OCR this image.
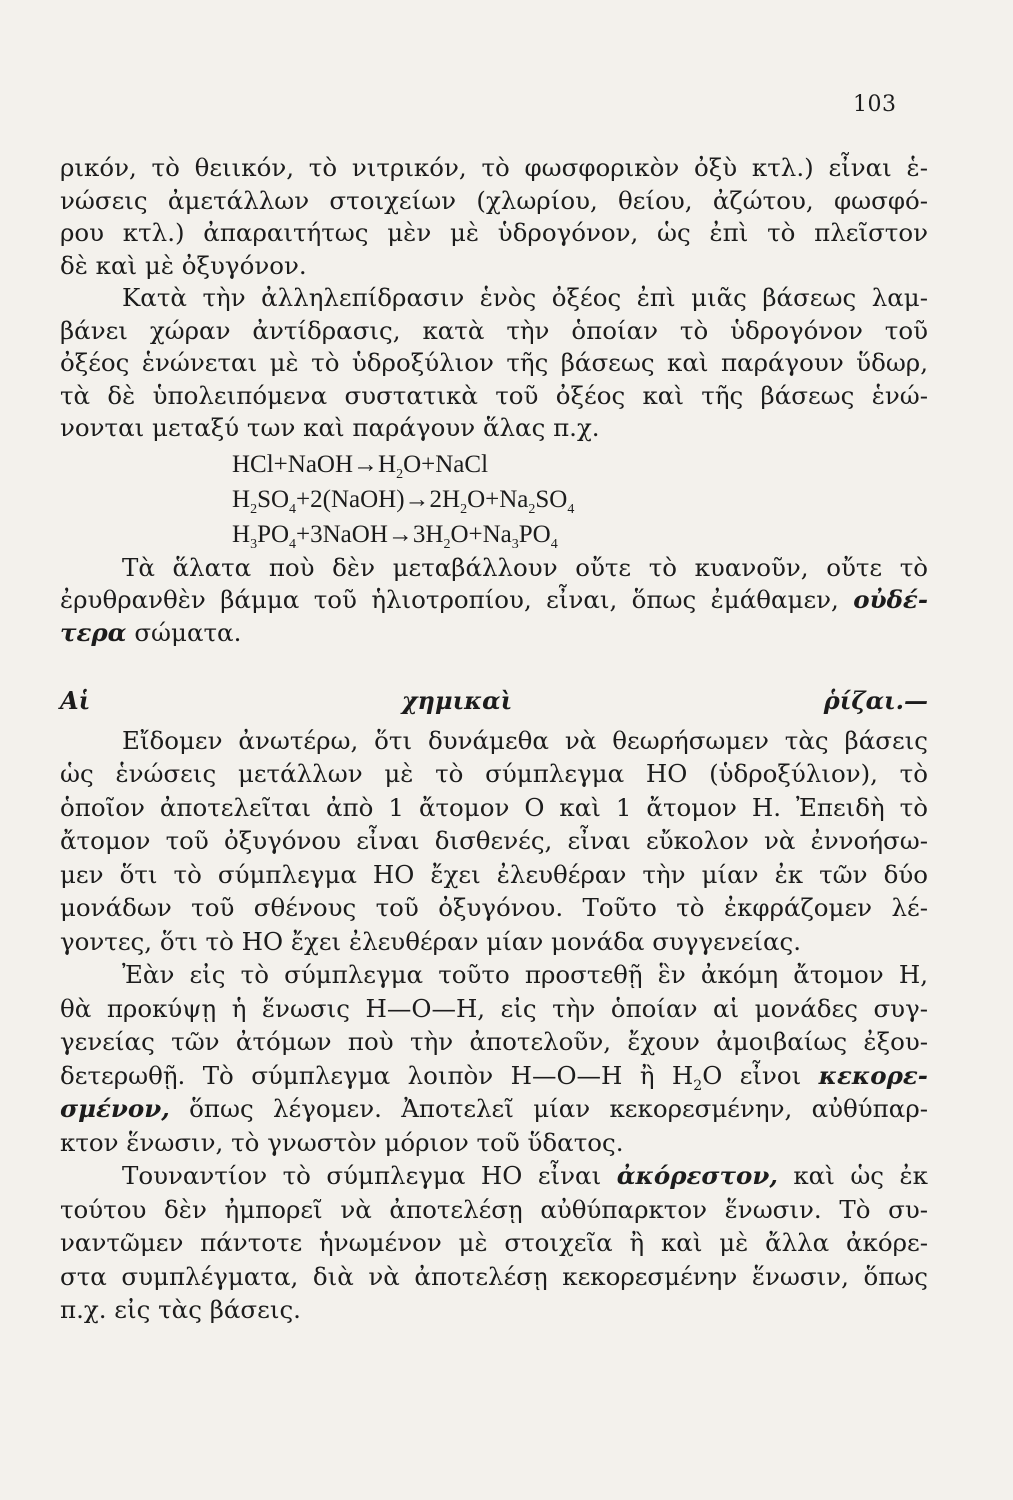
103
ρικόν, τὸ θειικόν, τὸ νιτρικόν, τὸ φωσφορικὸν ὀξὺ κτλ.) εἶναι ἑ-
νώσεις ἀμετάλλων στοιχείων (χλωρίου, θείου, ἀζώτου, φωσφό-
ρου κτλ.) ἀπαραιτήτως μὲν μὲ ὑδρογόνον, ὡς ἐπὶ τὸ πλεῖστον
δὲ καὶ μὲ ὀξυγόνον.
Κατὰ τὴν ἀλληλεπίδρασιν ἑνὸς ὀξέος ἐπὶ μιᾶς βάσεως λαμ-
βάνει χώραν ἀντίδρασις, κατὰ τὴν ὁποίαν τὸ ὑδρογόνον τοῦ
ὀξέος ἑνώνεται μὲ τὸ ὑδροξύλιον τῆς βάσεως καὶ παράγουν ὕδωρ,
τὰ δὲ ὑπολειπόμενα συστατικὰ τοῦ ὀξέος καὶ τῆς βάσεως ἑνώ-
νονται μεταξύ των καὶ παράγουν ἅλας π.χ.
$HCl+NaOH\to H_2O+NaCl$
$H_2SO_4+2(NaOH)\to 2H_2O+Na_2SO_4$
$H_3PO_4+3NaOH\to 3H_2O+Na_3PO_4$
Τὰ ἅλατα ποὺ δὲν μεταβάλλουν οὔτε τὸ κυανοῦν, οὔτε τὸ
ἐρυθρανθὲν βάμμα τοῦ ἡλιοτροπίου, εἶναι, ὅπως ἐμάθαμεν, οὐδέ-
τερα σώματα.
Αἱ χημικαὶ ῥίζαι.—
Εἴδομεν ἀνωτέρω, ὅτι δυνάμεθα νὰ θεωρήσωμεν τὰς βάσεις
ὡς ἑνώσεις μετάλλων μὲ τὸ σύμπλεγμα HO (ὑδροξύλιον), τὸ
ὁποῖον ἀποτελεῖται ἀπὸ 1 ἄτομον O καὶ 1 ἄτομον H. Ἐπειδὴ τὸ
ἄτομον τοῦ ὀξυγόνου εἶναι δισθενές, εἶναι εὔκολον νὰ ἐννοήσω-
μεν ὅτι τὸ σύμπλεγμα HO ἔχει ἐλευθέραν τὴν μίαν ἐκ τῶν δύο
μονάδων τοῦ σθένους τοῦ ὀξυγόνου. Τοῦτο τὸ ἐκφράζομεν λέ-
γοντες, ὅτι τὸ HO ἔχει ἐλευθέραν μίαν μονάδα συγγενείας.
Ἐὰν εἰς τὸ σύμπλεγμα τοῦτο προστεθῇ ἓν ἀκόμη ἄτομον H,
θὰ προκύψῃ ἡ ἕνωσις H—O—H, εἰς τὴν ὁποίαν αἱ μονάδες συγ-
γενείας τῶν ἀτόμων ποὺ τὴν ἀποτελοῦν, ἔχουν ἀμοιβαίως ἐξου-
δετερωθῇ. Τὸ σύμπλεγμα λοιπὸν H—O—H ἢ $H_2O$ εἶνοι κεκορε-
σμένον, ὅπως λέγομεν. Ἀποτελεῖ μίαν κεκορεσμένην, αὐθύπαρ-
κτον ἕνωσιν, τὸ γνωστὸν μόριον τοῦ ὕδατος.
Τουναντίον τὸ σύμπλεγμα HO εἶναι ἀκόρεστον, καὶ ὡς ἐκ
τούτου δὲν ἠμπορεῖ νὰ ἀποτελέσῃ αὐθύπαρκτον ἕνωσιν. Τὸ συ-
ναντῶμεν πάντοτε ἡνωμένον μὲ στοιχεῖα ἢ καὶ μὲ ἄλλα ἀκόρε-
στα συμπλέγματα, διὰ νὰ ἀποτελέσῃ κεκορεσμένην ἕνωσιν, ὅπως
π.χ. εἰς τὰς βάσεις.
